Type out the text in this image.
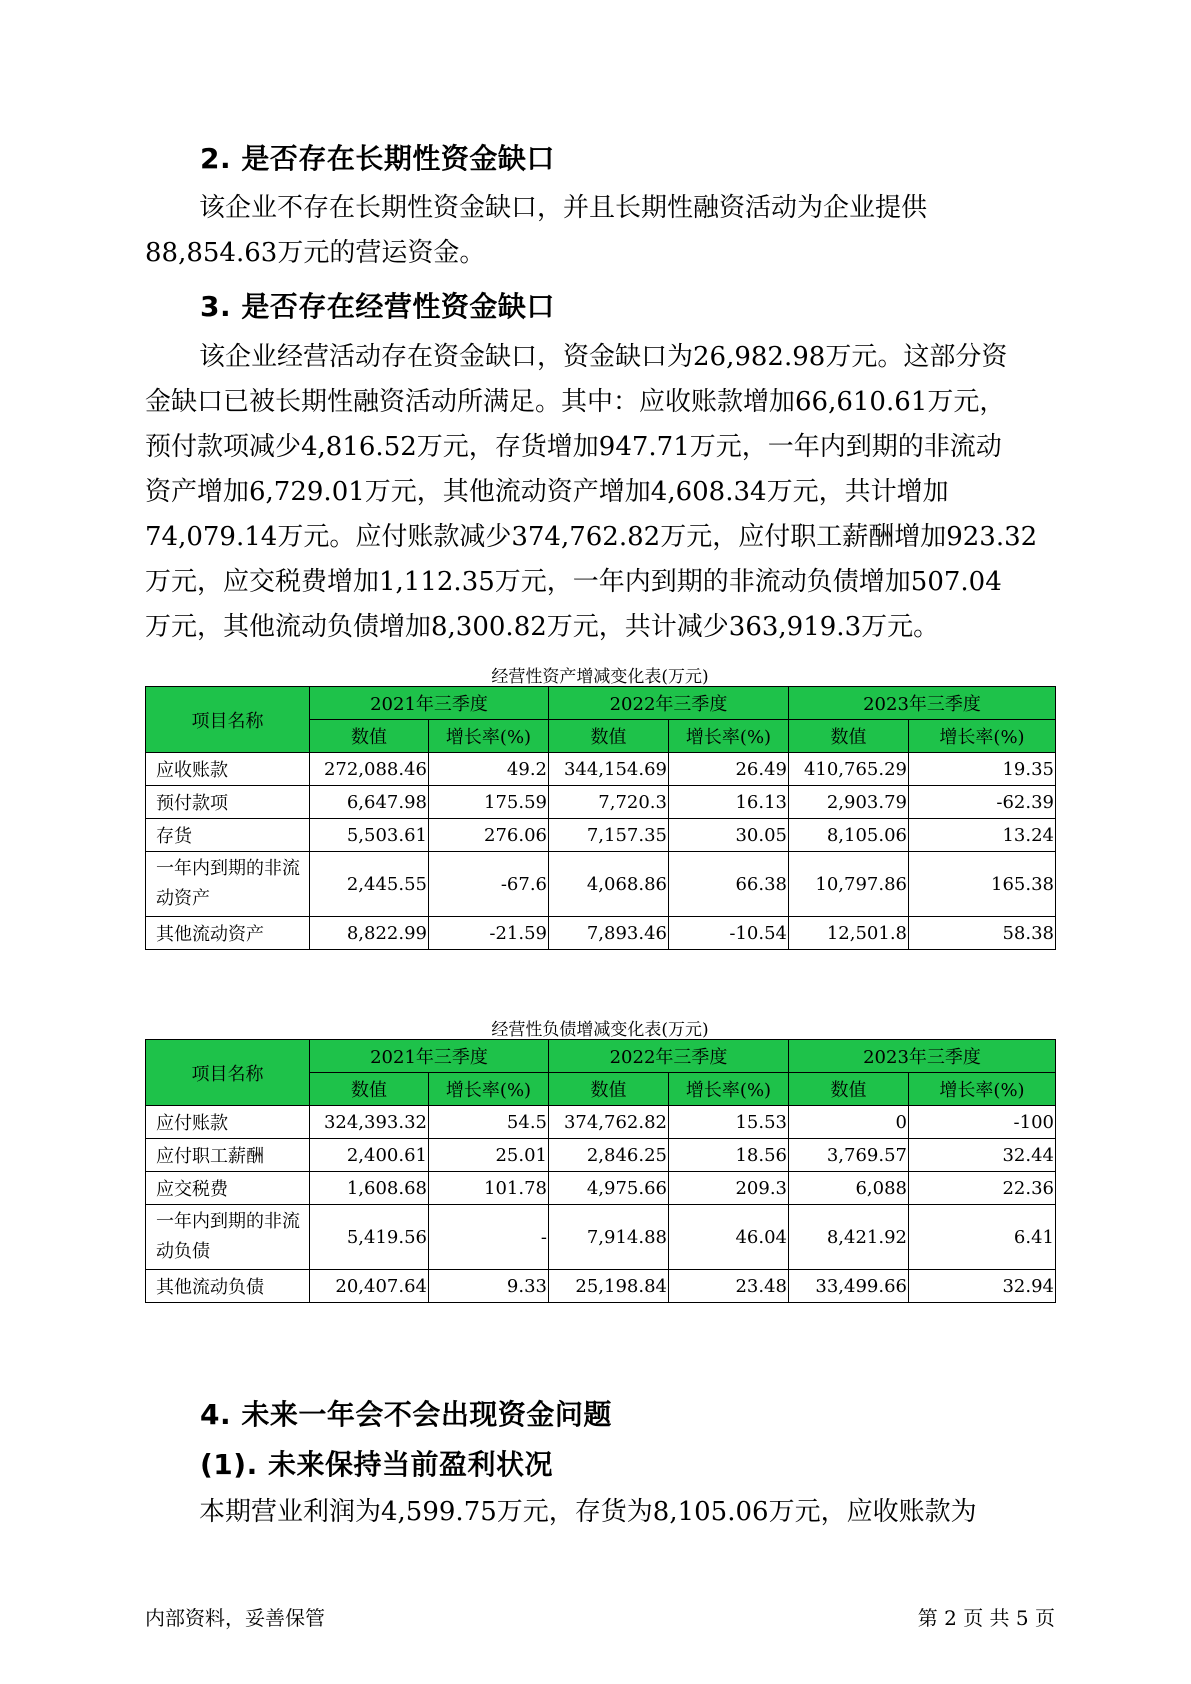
2. 是否存在长期性资金缺口
该企业不存在长期性资金缺口，并且长期性融资活动为企业提供
88,854.63万元的营运资金。
3. 是否存在经营性资金缺口
该企业经营活动存在资金缺口，资金缺口为26,982.98万元。这部分资
金缺口已被长期性融资活动所满足。其中：应收账款增加66,610.61万元，
预付款项减少4,816.52万元，存货增加947.71万元，一年内到期的非流动
资产增加6,729.01万元，其他流动资产增加4,608.34万元，共计增加
74,079.14万元。应付账款减少374,762.82万元，应付职工薪酬增加923.32
万元，应交税费增加1,112.35万元，一年内到期的非流动负债增加507.04
万元，其他流动负债增加8,300.82万元，共计减少363,919.3万元。
经营性资产增减变化表(万元)
项目名称	2021年三季度		2022年三季度		2023年三季度	
	数值	增长率(%)	数值	增长率(%)	数值	增长率(%)
应收账款	272,088.46	49.2	344,154.69	26.49	410,765.29	19.35
预付款项	6,647.98	175.59	7,720.3	16.13	2,903.79	-62.39
存货	5,503.61	276.06	7,157.35	30.05	8,105.06	13.24
一年内到期的非流
动资产	2,445.55	-67.6	4,068.86	66.38	10,797.86	165.38
其他流动资产	8,822.99	-21.59	7,893.46	-10.54	12,501.8	58.38
经营性负债增减变化表(万元)
项目名称	2021年三季度		2022年三季度		2023年三季度	
	数值	增长率(%)	数值	增长率(%)	数值	增长率(%)
应付账款	324,393.32	54.5	374,762.82	15.53	0	-100
应付职工薪酬	2,400.61	25.01	2,846.25	18.56	3,769.57	32.44
应交税费	1,608.68	101.78	4,975.66	209.3	6,088	22.36
一年内到期的非流
动负债	5,419.56	-	7,914.88	46.04	8,421.92	6.41
其他流动负债	20,407.64	9.33	25,198.84	23.48	33,499.66	32.94
4. 未来一年会不会出现资金问题
(1). 未来保持当前盈利状况
本期营业利润为4,599.75万元，存货为8,105.06万元，应收账款为
内部资料，妥善保管	第 2 页 共 5 页
